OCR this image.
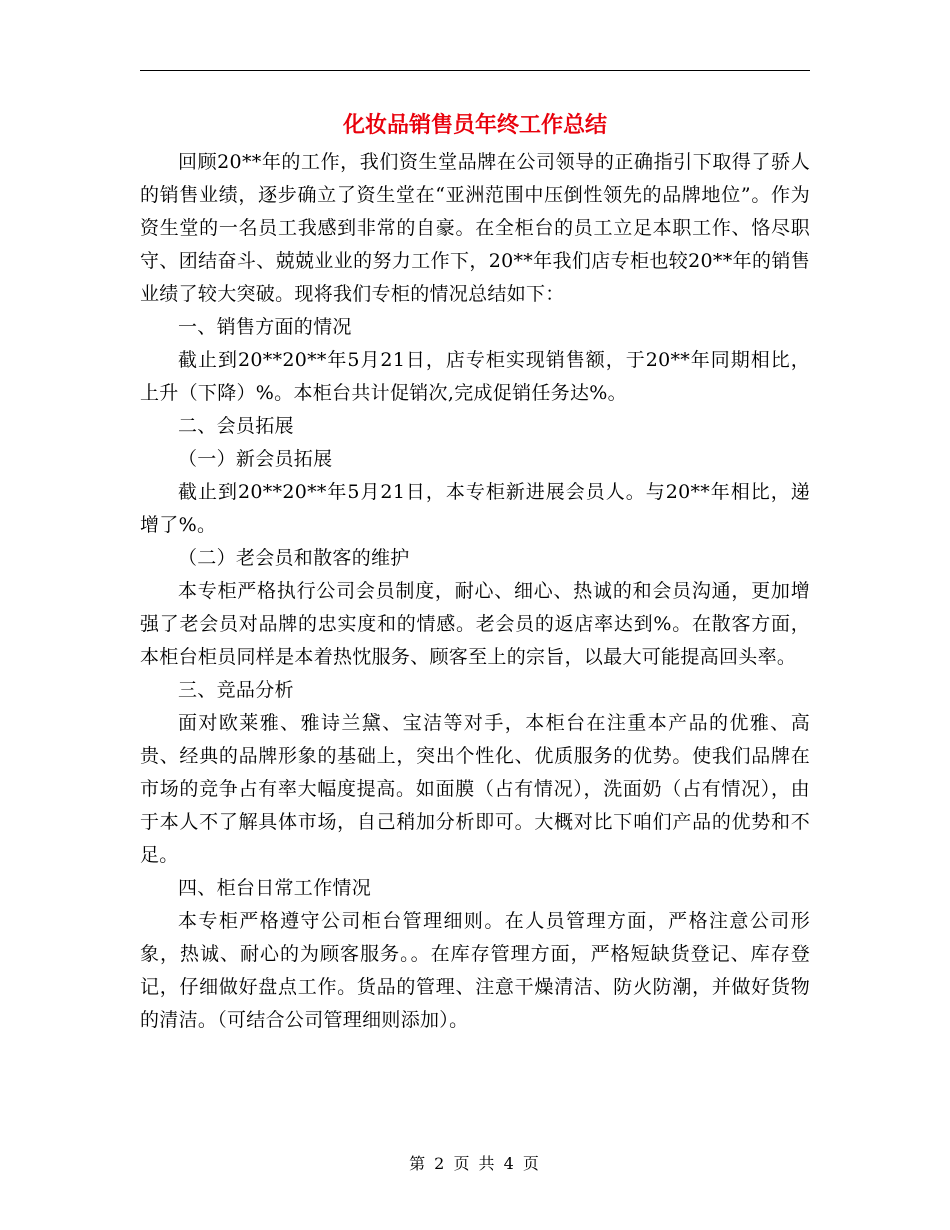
化妆品销售员年终工作总结

回顾20**年的工作，我们资生堂品牌在公司领导的正确指引下取得了骄人的销售业绩，逐步确立了资生堂在“亚洲范围中压倒性领先的品牌地位”。作为资生堂的一名员工我感到非常的自豪。在全柜台的员工立足本职工作、恪尽职守、团结奋斗、兢兢业业的努力工作下，20**年我们店专柜也较20**年的销售业绩了较大突破。现将我们专柜的情况总结如下：

一、销售方面的情况

截止到20**20**年5月21日，店专柜实现销售额，于20**年同期相比，上升（下降）%。本柜台共计促销次,完成促销任务达%。

二、会员拓展

（一）新会员拓展

截止到20**20**年5月21日，本专柜新进展会员人。与20**年相比，递增了%。

（二）老会员和散客的维护

本专柜严格执行公司会员制度，耐心、细心、热诚的和会员沟通，更加增强了老会员对品牌的忠实度和的情感。老会员的返店率达到%。在散客方面，本柜台柜员同样是本着热忱服务、顾客至上的宗旨，以最大可能提高回头率。

三、竞品分析

面对欧莱雅、雅诗兰黛、宝洁等对手，本柜台在注重本产品的优雅、高贵、经典的品牌形象的基础上，突出个性化、优质服务的优势。使我们品牌在市场的竞争占有率大幅度提高。如面膜（占有情况），洗面奶（占有情况），由于本人不了解具体市场，自己稍加分析即可。大概对比下咱们产品的优势和不足。

四、柜台日常工作情况

本专柜严格遵守公司柜台管理细则。在人员管理方面，严格注意公司形象，热诚、耐心的为顾客服务。。在库存管理方面，严格短缺货登记、库存登记，仔细做好盘点工作。货品的管理、注意干燥清洁、防火防潮，并做好货物的清洁。（可结合公司管理细则添加）。

第 2 页 共 4 页
